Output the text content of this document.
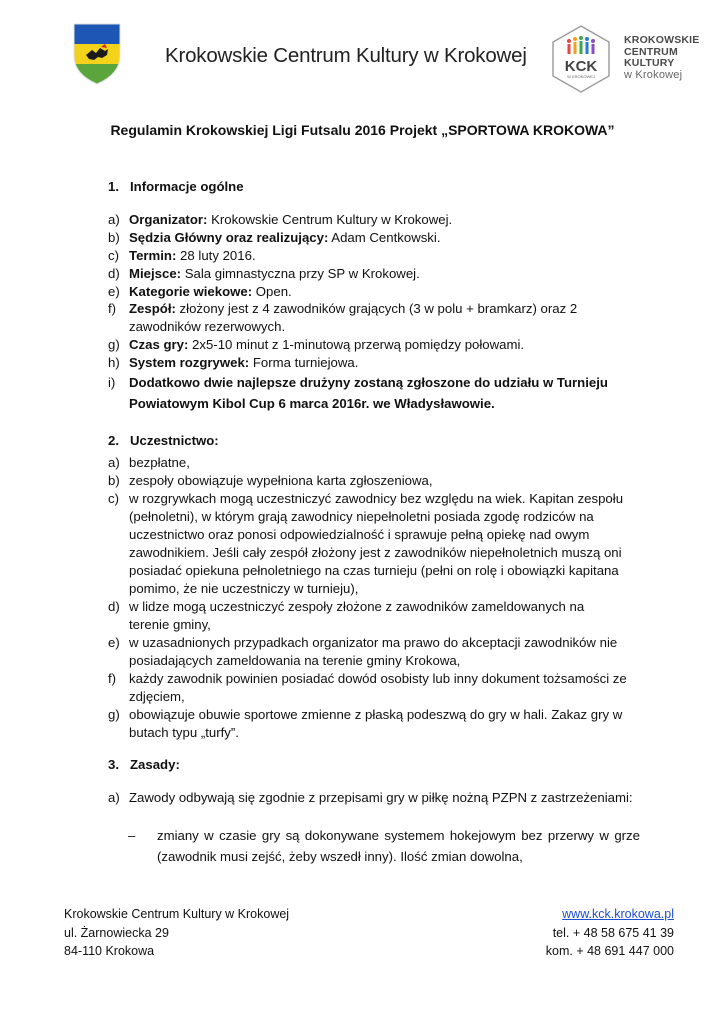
Krokowskie Centrum Kultury w Krokowej	KCK
W KROKOWEJ
KROKOWSKIE
CENTRUM
KULTURY
w Krokowej
Regulamin Krokowskiej Ligi Futsalu 2016 Projekt „SPORTOWA KROKOWA”
1. Informacje ogólne
a) Organizator: Krokowskie Centrum Kultury w Krokowej.
b) Sędzia Główny oraz realizujący: Adam Centkowski.
c) Termin: 28 luty 2016.
d) Miejsce: Sala gimnastyczna przy SP w Krokowej.
e) Kategorie wiekowe: Open.
f) Zespół: złożony jest z 4 zawodników grających (3 w polu + bramkarz) oraz 2 zawodników rezerwowych.
g) Czas gry: 2x5-10 minut z 1-minutową przerwą pomiędzy połowami.
h) System rozgrywek: Forma turniejowa.
i)	Dodatkowo dwie najlepsze drużyny zostaną zgłoszone do udziału w Turnieju Powiatowym Kibol Cup 6 marca 2016r. we Władysławowie.
2. Uczestnictwo:
a) bezpłatne,
b) zespoły obowiązuje wypełniona karta zgłoszeniowa,
c) w rozgrywkach mogą uczestniczyć zawodnicy bez względu na wiek. Kapitan zespołu (pełnoletni), w którym grają zawodnicy niepełnoletni posiada zgodę rodziców na uczestnictwo oraz ponosi odpowiedzialność i sprawuje pełną opiekę nad owym zawodnikiem. Jeśli cały zespół złożony jest z zawodników niepełnoletnich muszą oni posiadać opiekuna pełnoletniego na czas turnieju (pełni on rolę i obowiązki kapitana pomimo, że nie uczestniczy w turnieju),
d) w lidze mogą uczestniczyć zespoły złożone z zawodników zameldowanych na terenie gminy,
e) w uzasadnionych przypadkach organizator ma prawo do akceptacji zawodników nie posiadających zameldowania na terenie gminy Krokowa,
f) każdy zawodnik powinien posiadać dowód osobisty lub inny dokument tożsamości ze zdjęciem,
g) obowiązuje obuwie sportowe zmienne z płaską podeszwą do gry w hali. Zakaz gry w butach typu „turfy”.
3. Zasady:
a) Zawody odbywają się zgodnie z przepisami gry w piłkę nożną PZPN z zastrzeżeniami:
–	zmiany w czasie gry są dokonywane systemem hokejowym bez przerwy w grze (zawodnik musi zejść, żeby wszedł inny). Ilość zmian dowolna,
Krokowskie Centrum Kultury w Krokowej
ul. Żarnowiecka 29
84-110 Krokowa
www.kck.krokowa.pl
tel. + 48 58 675 41 39
kom. + 48 691 447 000
